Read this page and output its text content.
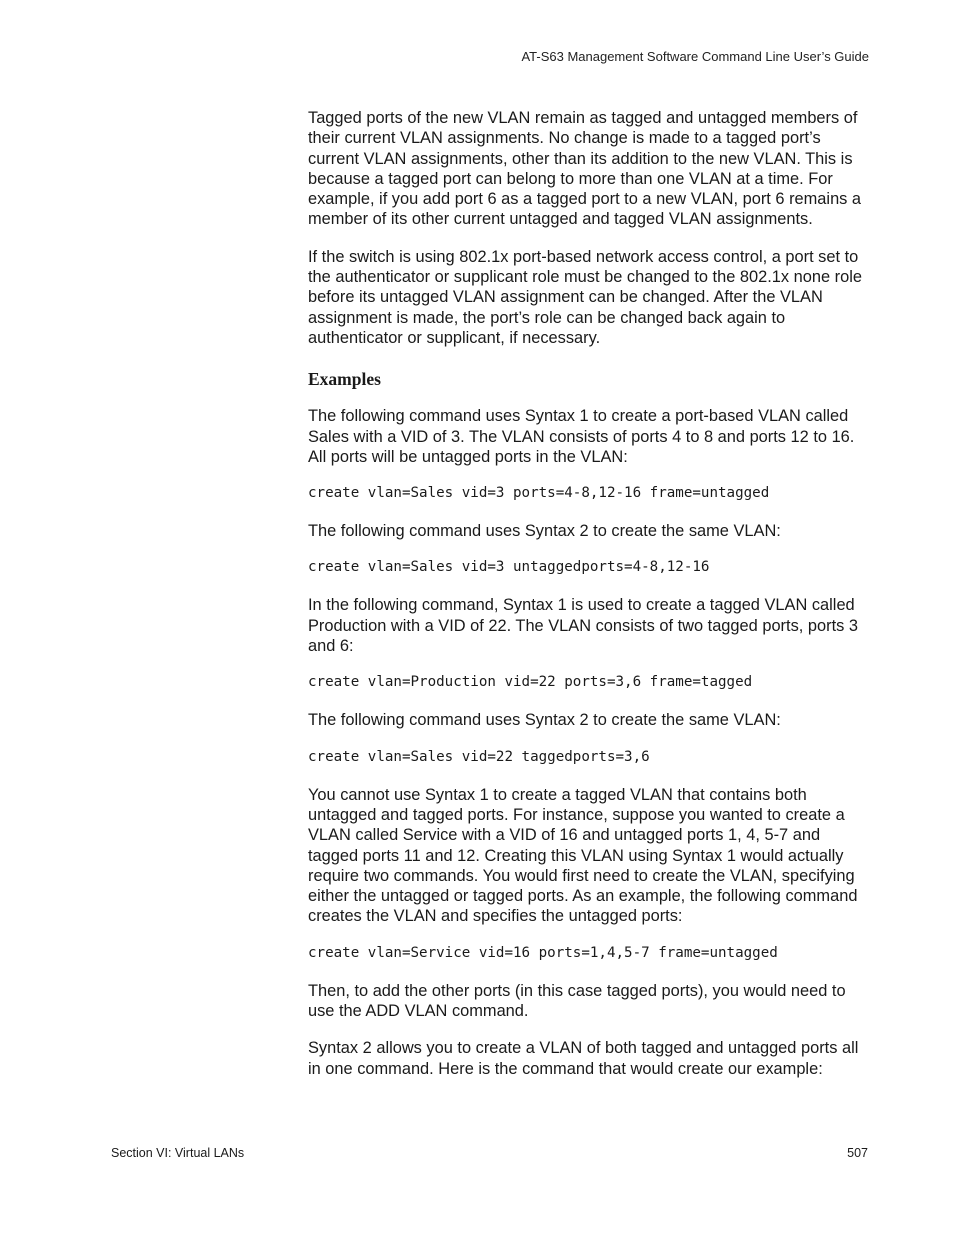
AT-S63 Management Software Command Line User’s Guide

Tagged ports of the new VLAN remain as tagged and untagged members of their current VLAN assignments. No change is made to a tagged port’s current VLAN assignments, other than its addition to the new VLAN. This is because a tagged port can belong to more than one VLAN at a time. For example, if you add port 6 as a tagged port to a new VLAN, port 6 remains a member of its other current untagged and tagged VLAN assignments.

If the switch is using 802.1x port-based network access control, a port set to the authenticator or supplicant role must be changed to the 802.1x none role before its untagged VLAN assignment can be changed. After the VLAN assignment is made, the port’s role can be changed back again to authenticator or supplicant, if necessary.

Examples

The following command uses Syntax 1 to create a port-based VLAN called Sales with a VID of 3. The VLAN consists of ports 4 to 8 and ports 12 to 16. All ports will be untagged ports in the VLAN:

create vlan=Sales vid=3 ports=4-8,12-16 frame=untagged

The following command uses Syntax 2 to create the same VLAN:

create vlan=Sales vid=3 untaggedports=4-8,12-16

In the following command, Syntax 1 is used to create a tagged VLAN called Production with a VID of 22. The VLAN consists of two tagged ports, ports 3 and 6:

create vlan=Production vid=22 ports=3,6 frame=tagged

The following command uses Syntax 2 to create the same VLAN:

create vlan=Sales vid=22 taggedports=3,6

You cannot use Syntax 1 to create a tagged VLAN that contains both untagged and tagged ports. For instance, suppose you wanted to create a VLAN called Service with a VID of 16 and untagged ports 1, 4, 5-7 and tagged ports 11 and 12. Creating this VLAN using Syntax 1 would actually require two commands. You would first need to create the VLAN, specifying either the untagged or tagged ports. As an example, the following command creates the VLAN and specifies the untagged ports:

create vlan=Service vid=16 ports=1,4,5-7 frame=untagged

Then, to add the other ports (in this case tagged ports), you would need to use the ADD VLAN command.

Syntax 2 allows you to create a VLAN of both tagged and untagged ports all in one command. Here is the command that would create our example:

Section VI: Virtual LANs	507
